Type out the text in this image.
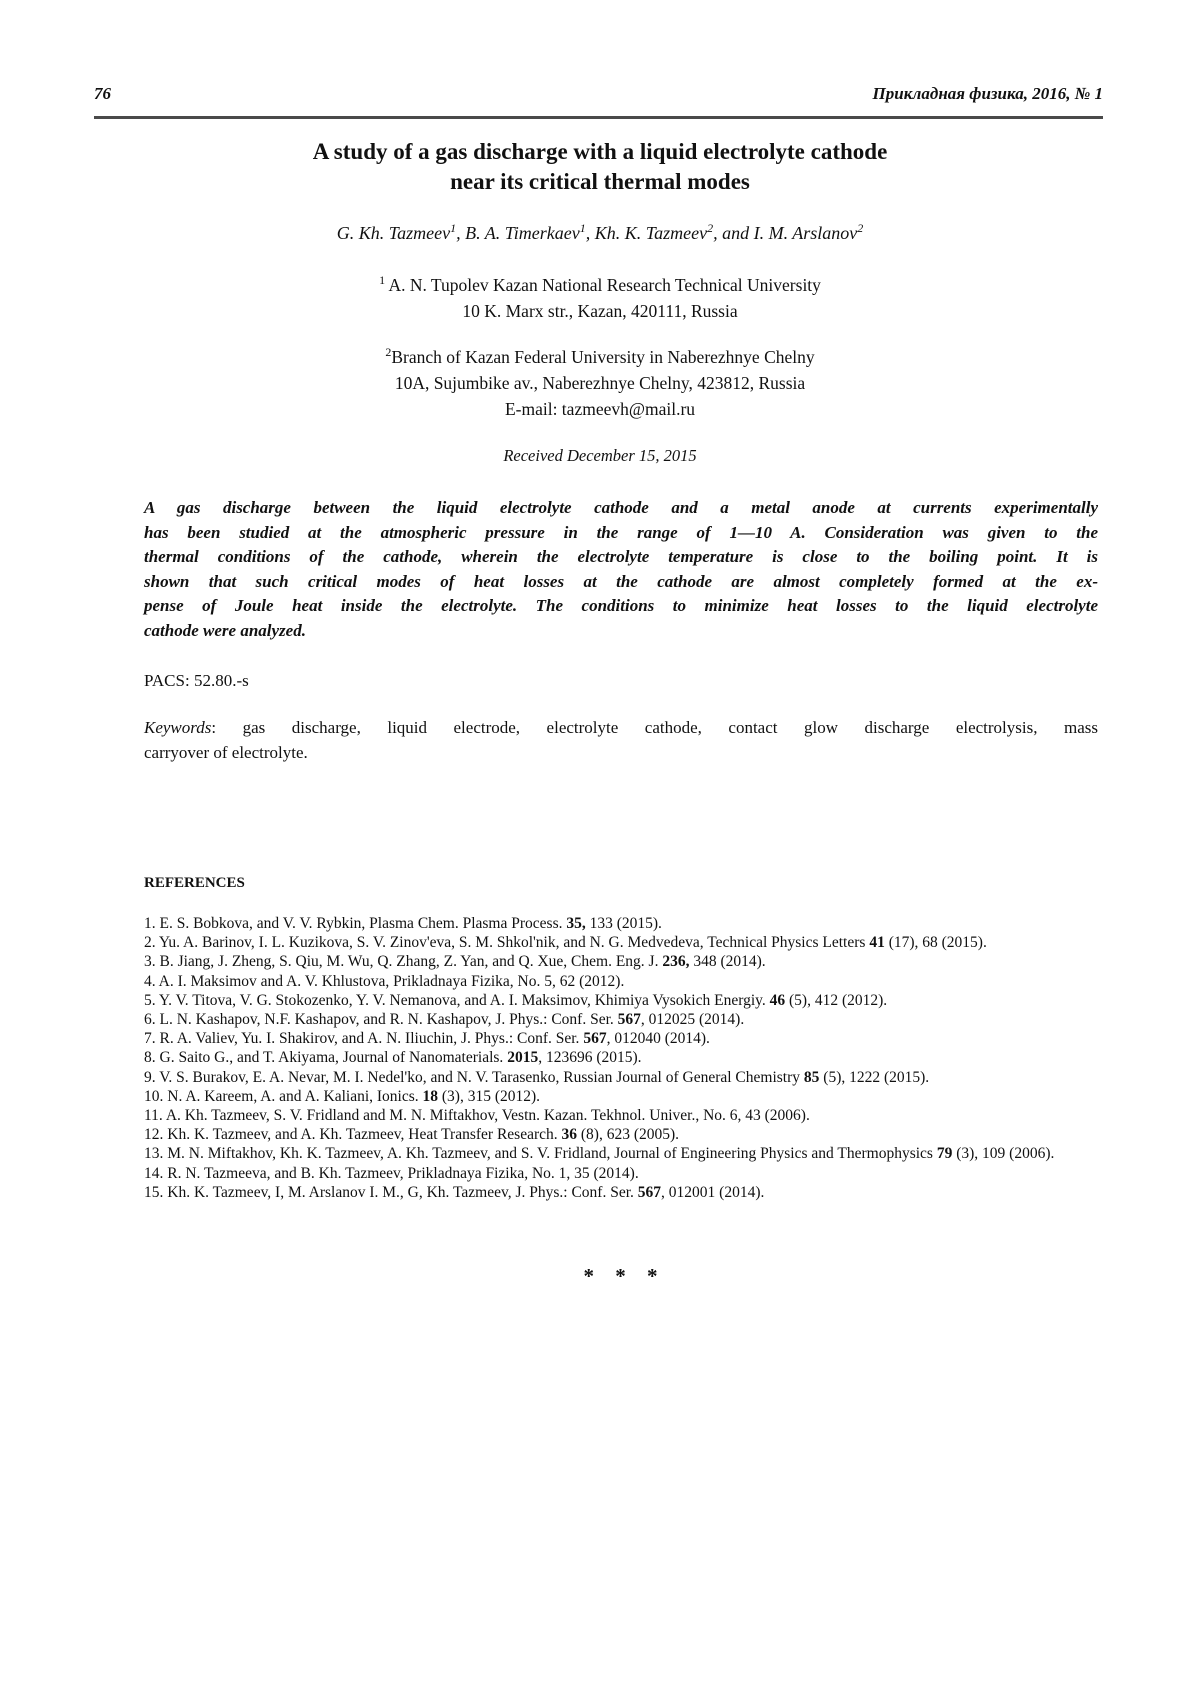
76	Прикладная физика, 2016, № 1
A study of a gas discharge with a liquid electrolyte cathode
near its critical thermal modes
G. Kh. Tazmeev$^1$, B. A. Timerkaev$^1$, Kh. K. Tazmeev$^2$, and I. M. Arslanov$^2$
$^1$ A. N. Tupolev Kazan National Research Technical University
10 K. Marx str., Kazan, 420111, Russia
$^2$Branch of Kazan Federal University in Naberezhnye Chelny
10A, Sujumbike av., Naberezhnye Chelny, 423812, Russia
E-mail: tazmeevh@mail.ru
Received December 15, 2015
A gas discharge between the liquid electrolyte cathode and a metal anode at currents experimentally
has been studied at the atmospheric pressure in the range of 1—10 A. Consideration was given to the
thermal conditions of the cathode, wherein the electrolyte temperature is close to the boiling point. It is
shown that such critical modes of heat losses at the cathode are almost completely formed at the ex-
pense of Joule heat inside the electrolyte. The conditions to minimize heat losses to the liquid electrolyte
cathode were analyzed.
PACS: 52.80.-s
Keywords: gas discharge, liquid electrode, electrolyte cathode, contact glow discharge electrolysis, mass
carryover of electrolyte.
REFERENCES

1. E. S. Bobkova, and V. V. Rybkin, Plasma Chem. Plasma Process. 35, 133 (2015).

2. Yu. A. Barinov, I. L. Kuzikova, S. V. Zinov'eva, S. M. Shkol'nik, and N. G. Medvedeva, Technical Physics Letters 41 (17), 68 (2015).

3. B. Jiang, J. Zheng, S. Qiu, M. Wu, Q. Zhang, Z. Yan, and Q. Xue, Chem. Eng. J. 236, 348 (2014).

4. A. I. Maksimov and A. V. Khlustova, Prikladnaya Fizika, No. 5, 62 (2012).

5. Y. V. Titova, V. G. Stokozenko, Y. V. Nemanova, and A. I. Maksimov, Khimiya Vysokich Energiy. 46 (5), 412 (2012).

6. L. N. Kashapov, N.F. Kashapov, and R. N. Kashapov, J. Phys.: Conf. Ser. 567, 012025 (2014).

7. R. A. Valiev, Yu. I. Shakirov, and A. N. Iliuchin, J. Phys.: Conf. Ser. 567, 012040 (2014).

8. G. Saito G., and T. Akiyama, Journal of Nanomaterials. 2015, 123696 (2015).

9. V. S. Burakov, E. A. Nevar, M. I. Nedel'ko, and N. V. Tarasenko, Russian Journal of General Chemistry 85 (5), 1222 (2015).

10. N. A. Kareem, A. and A. Kaliani, Ionics. 18 (3), 315 (2012).

11. A. Kh. Tazmeev, S. V. Fridland and M. N. Miftakhov, Vestn. Kazan. Tekhnol. Univer., No. 6, 43 (2006).

12. Kh. K. Tazmeev, and A. Kh. Tazmeev, Heat Transfer Research. 36 (8), 623 (2005).

13. M. N. Miftakhov, Kh. K. Tazmeev, A. Kh. Tazmeev, and S. V. Fridland, Journal of Engineering Physics and Thermophysics 79 (3), 109 (2006).

14. R. N. Tazmeeva, and B. Kh. Tazmeev, Prikladnaya Fizika, No. 1, 35 (2014).

15. Kh. K. Tazmeev, I, M. Arslanov I. M., G, Kh. Tazmeev, J. Phys.: Conf. Ser. 567, 012001 (2014).

* * *
